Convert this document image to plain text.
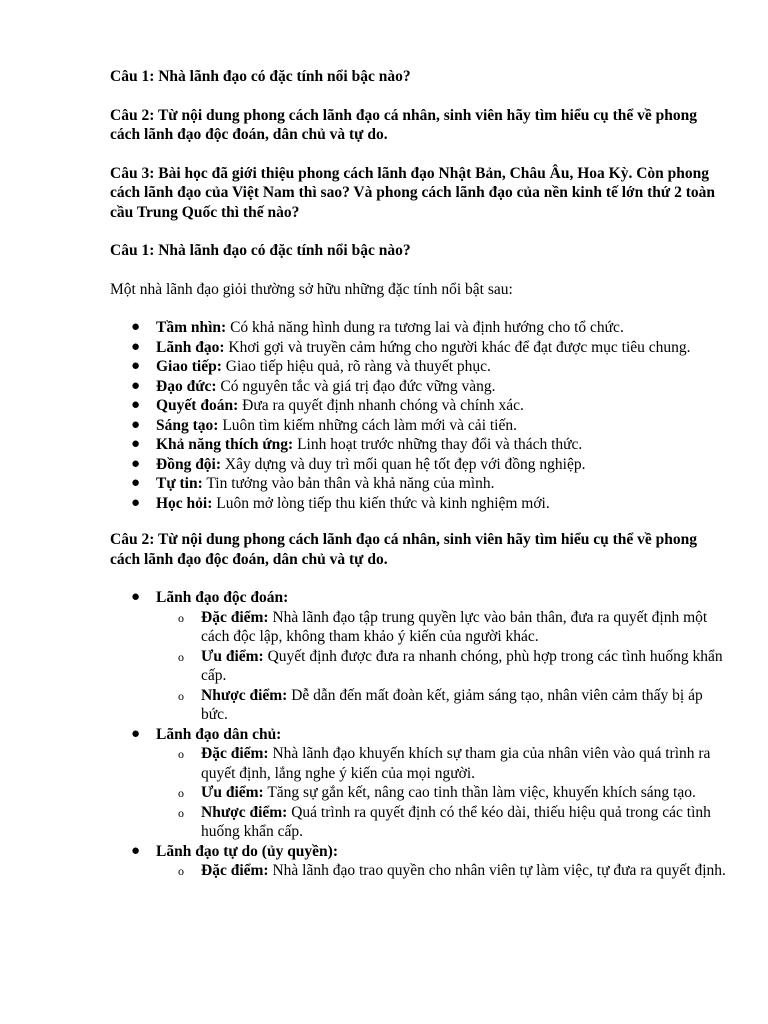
Câu 1: Nhà lãnh đạo có đặc tính nổi bậc nào?

Câu 2: Từ nội dung phong cách lãnh đạo cá nhân, sinh viên hãy tìm hiểu cụ thể về phong cách lãnh đạo độc đoán, dân chủ và tự do.

Câu 3: Bài học đã giới thiệu phong cách lãnh đạo Nhật Bản, Châu Âu, Hoa Kỳ. Còn phong cách lãnh đạo của Việt Nam thì sao? Và phong cách lãnh đạo của nền kinh tế lớn thứ 2 toàn cầu Trung Quốc thì thế nào?

Câu 1: Nhà lãnh đạo có đặc tính nổi bậc nào?

Một nhà lãnh đạo giỏi thường sở hữu những đặc tính nổi bật sau:

● Tầm nhìn: Có khả năng hình dung ra tương lai và định hướng cho tổ chức.
● Lãnh đạo: Khơi gợi và truyền cảm hứng cho người khác để đạt được mục tiêu chung.
● Giao tiếp: Giao tiếp hiệu quả, rõ ràng và thuyết phục.
● Đạo đức: Có nguyên tắc và giá trị đạo đức vững vàng.
● Quyết đoán: Đưa ra quyết định nhanh chóng và chính xác.
● Sáng tạo: Luôn tìm kiếm những cách làm mới và cải tiến.
● Khả năng thích ứng: Linh hoạt trước những thay đổi và thách thức.
● Đồng đội: Xây dựng và duy trì mối quan hệ tốt đẹp với đồng nghiệp.
● Tự tin: Tin tưởng vào bản thân và khả năng của mình.
● Học hỏi: Luôn mở lòng tiếp thu kiến thức và kinh nghiệm mới.

Câu 2: Từ nội dung phong cách lãnh đạo cá nhân, sinh viên hãy tìm hiểu cụ thể về phong cách lãnh đạo độc đoán, dân chủ và tự do.

● Lãnh đạo độc đoán:
o Đặc điểm: Nhà lãnh đạo tập trung quyền lực vào bản thân, đưa ra quyết định một cách độc lập, không tham khảo ý kiến của người khác.
o Ưu điểm: Quyết định được đưa ra nhanh chóng, phù hợp trong các tình huống khẩn cấp.
o Nhược điểm: Dễ dẫn đến mất đoàn kết, giảm sáng tạo, nhân viên cảm thấy bị áp bức.
● Lãnh đạo dân chủ:
o Đặc điểm: Nhà lãnh đạo khuyến khích sự tham gia của nhân viên vào quá trình ra quyết định, lắng nghe ý kiến của mọi người.
o Ưu điểm: Tăng sự gắn kết, nâng cao tinh thần làm việc, khuyến khích sáng tạo.
o Nhược điểm: Quá trình ra quyết định có thể kéo dài, thiếu hiệu quả trong các tình huống khẩn cấp.
● Lãnh đạo tự do (ủy quyền):
o Đặc điểm: Nhà lãnh đạo trao quyền cho nhân viên tự làm việc, tự đưa ra quyết định.
